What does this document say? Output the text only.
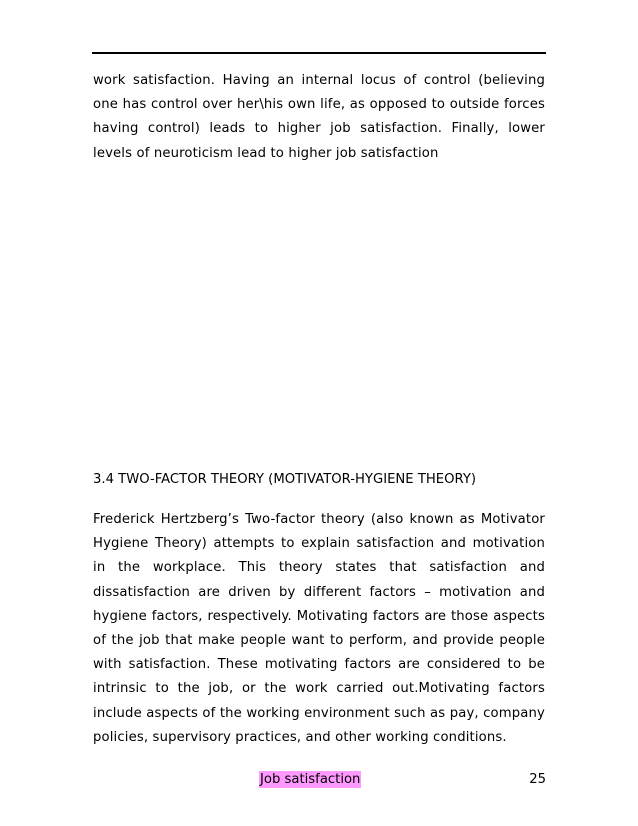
work satisfaction. Having an internal locus of control (believing one has control over her\his own life, as opposed to outside forces having control) leads to higher job satisfaction. Finally, lower levels of neuroticism lead to higher job satisfaction

3.4 TWO-FACTOR THEORY (MOTIVATOR-HYGIENE THEORY)

Frederick Hertzberg’s Two-factor theory (also known as Motivator Hygiene Theory) attempts to explain satisfaction and motivation in the workplace. This theory states that satisfaction and dissatisfaction are driven by different factors – motivation and hygiene factors, respectively. Motivating factors are those aspects of the job that make people want to perform, and provide people with satisfaction. These motivating factors are considered to be intrinsic to the job, or the work carried out.Motivating factors include aspects of the working environment such as pay, company policies, supervisory practices, and other working conditions.

Job satisfaction	25
